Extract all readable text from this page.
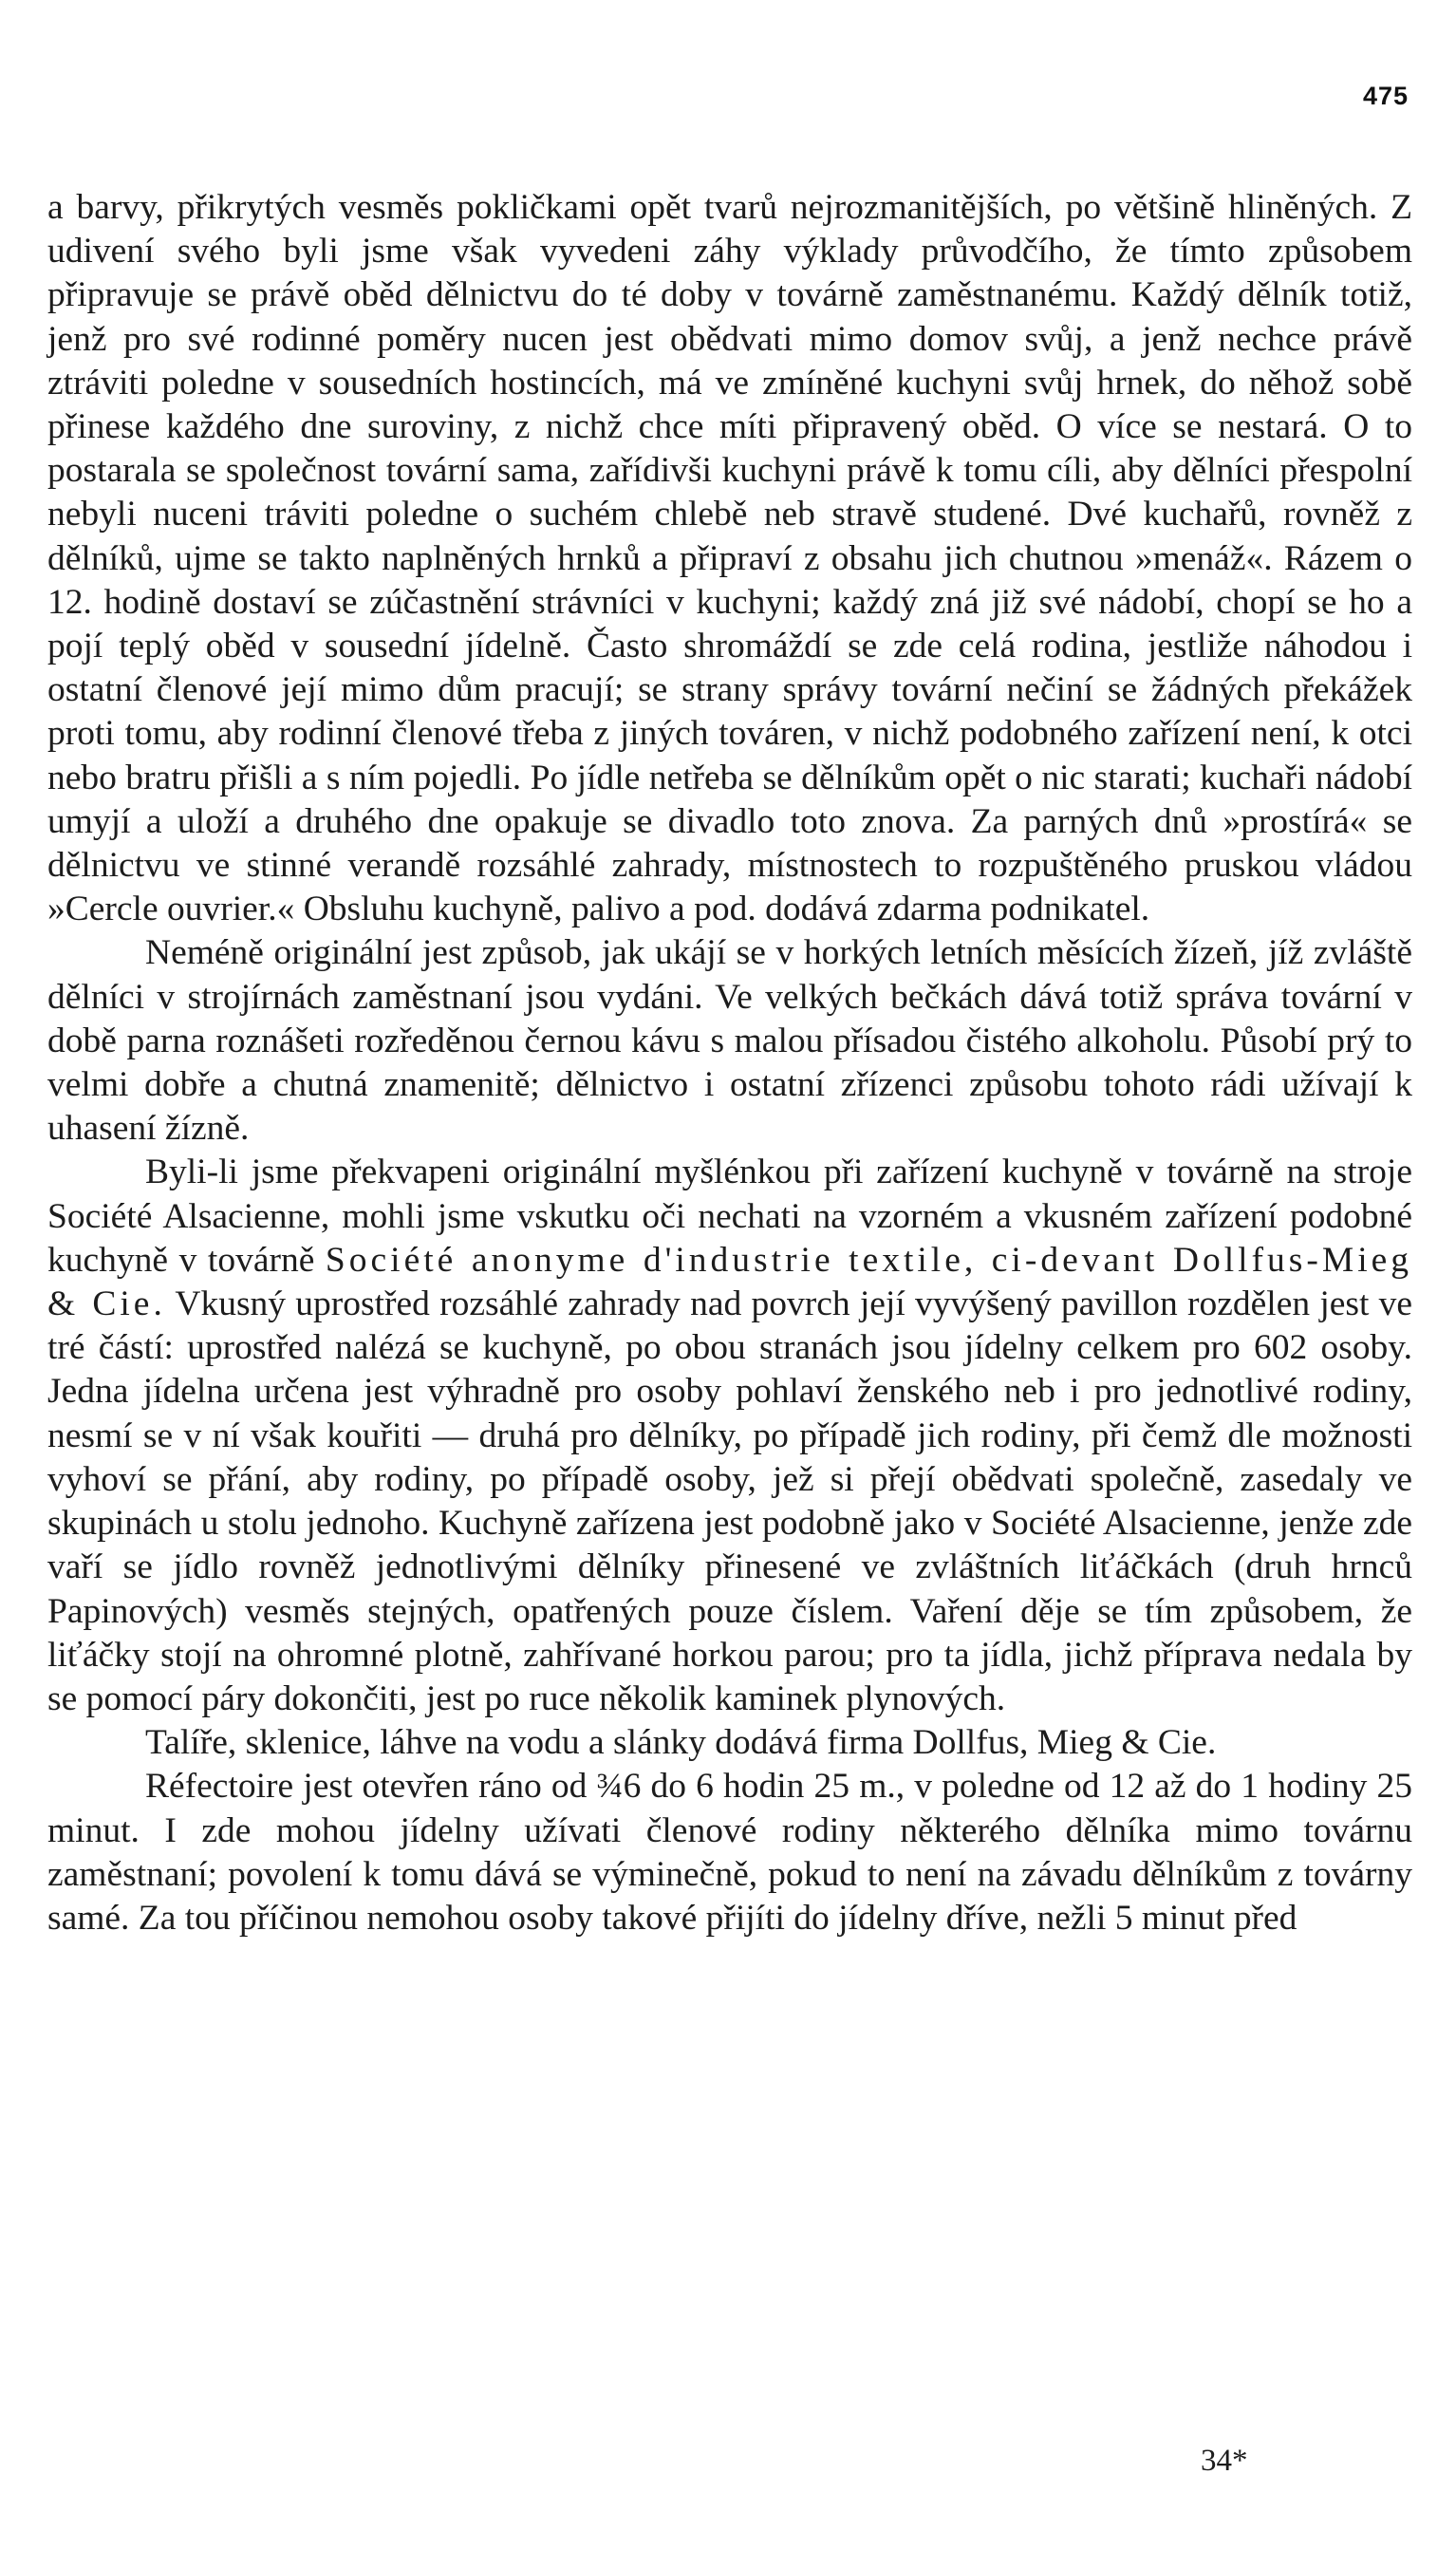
475

a barvy, přikrytých vesměs pokličkami opět tvarů nejrozmanitějších, po většině hliněných. Z udivení svého byli jsme však vyvedeni záhy výklady průvodčího, že tímto způsobem připravuje se právě oběd dělnictvu do té doby v továrně zaměstnanému. Každý dělník totiž, jenž pro své rodinné poměry nucen jest obědvati mimo domov svůj, a jenž nechce právě ztráviti poledne v sousedních hostincích, má ve zmíněné kuchyni svůj hrnek, do něhož sobě přinese každého dne suroviny, z nichž chce míti připravený oběd. O více se nestará. O to postarala se společnost tovární sama, zařídivši kuchyni právě k tomu cíli, aby dělníci přespolní nebyli nuceni tráviti poledne o suchém chlebě neb stravě studené. Dvé kuchařů, rovněž z dělníků, ujme se takto naplněných hrnků a připraví z obsahu jich chutnou »menáž«. Rázem o 12. hodině dostaví se zúčastnění strávníci v kuchyni; každý zná již své nádobí, chopí se ho a pojí teplý oběd v sousední jídelně. Často shromáždí se zde celá rodina, jestliže náhodou i ostatní členové její mimo dům pracují; se strany správy tovární nečiní se žádných překážek proti tomu, aby rodinní členové třeba z jiných továren, v nichž podobného zařízení není, k otci nebo bratru přišli a s ním pojedli. Po jídle netřeba se dělníkům opět o nic starati; kuchaři nádobí umyjí a uloží a druhého dne opakuje se divadlo toto znova. Za parných dnů »prostírá« se dělnictvu ve stinné verandě rozsáhlé zahrady, místnostech to rozpuštěného pruskou vládou »Cercle ouvrier.« Obsluhu kuchyně, palivo a pod. dodává zdarma podnikatel.

Neméně originální jest způsob, jak ukájí se v horkých letních měsících žízeň, jíž zvláště dělníci v strojírnách zaměstnaní jsou vydáni. Ve velkých bečkách dává totiž správa tovární v době parna roznášeti rozředěnou černou kávu s malou přísadou čistého alkoholu. Působí prý to velmi dobře a chutná znamenitě; dělnictvo i ostatní zřízenci způsobu tohoto rádi užívají k uhasení žízně.

Byli-li jsme překvapeni originální myšlénkou při zařízení kuchyně v továrně na stroje Société Alsacienne, mohli jsme vskutku oči nechati na vzorném a vkusném zařízení podobné kuchyně v továrně Société anonyme d'industrie textile, ci-devant Dollfus-Mieg & Cie. Vkusný uprostřed rozsáhlé zahrady nad povrch její vyvýšený pavillon rozdělen jest ve tré částí: uprostřed nalézá se kuchyně, po obou stranách jsou jídelny celkem pro 602 osoby. Jedna jídelna určena jest výhradně pro osoby pohlaví ženského neb i pro jednotlivé rodiny, nesmí se v ní však kouřiti — druhá pro dělníky, po případě jich rodiny, při čemž dle možnosti vyhoví se přání, aby rodiny, po případě osoby, jež si přejí obědvati společně, zasedaly ve skupinách u stolu jednoho. Kuchyně zařízena jest podobně jako v Société Alsacienne, jenže zde vaří se jídlo rovněž jednotlivými dělníky přinesené ve zvláštních liťáčkách (druh hrnců Papinových) vesměs stejných, opatřených pouze číslem. Vaření děje se tím způsobem, že liťáčky stojí na ohromné plotně, zahřívané horkou parou; pro ta jídla, jichž příprava nedala by se pomocí páry dokončiti, jest po ruce několik kaminek plynových.

Talíře, sklenice, láhve na vodu a slánky dodává firma Dollfus, Mieg & Cie.

Réfectoire jest otevřen ráno od ¾6 do 6 hodin 25 m., v poledne od 12 až do 1 hodiny 25 minut. I zde mohou jídelny užívati členové rodiny některého dělníka mimo továrnu zaměstnaní; povolení k tomu dává se výminečně, pokud to není na závadu dělníkům z továrny samé. Za tou příčinou nemohou osoby takové přijíti do jídelny dříve, nežli 5 minut před

34*
